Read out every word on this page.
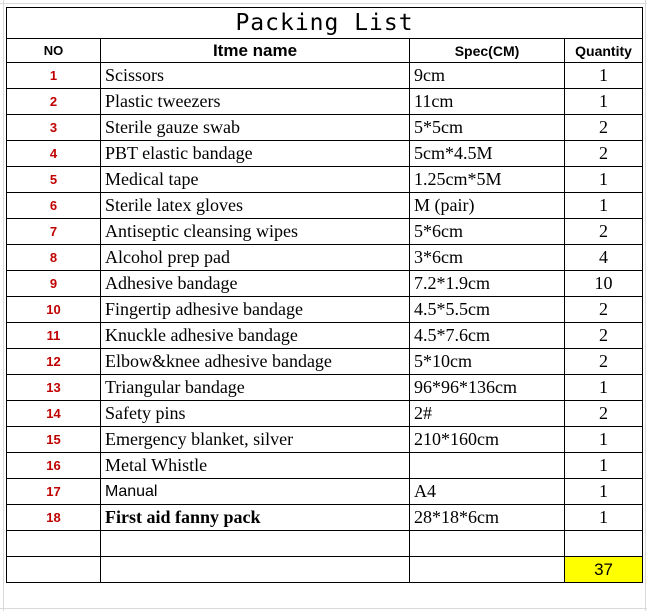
Packing List			
NO	Itme name	Spec(CM)	Quantity
1	Scissors	9cm	1
2	Plastic tweezers	11cm	1
3	Sterile gauze swab	5*5cm	2
4	PBT elastic bandage	5cm*4.5M	2
5	Medical tape	1.25cm*5M	1
6	Sterile latex gloves	M (pair)	1
7	Antiseptic cleansing wipes	5*6cm	2
8	Alcohol prep pad	3*6cm	4
9	Adhesive bandage	7.2*1.9cm	10
10	Fingertip adhesive bandage	4.5*5.5cm	2
11	Knuckle adhesive bandage	4.5*7.6cm	2
12	Elbow&knee adhesive bandage	5*10cm	2
13	Triangular bandage	96*96*136cm	1
14	Safety pins	2#	2
15	Emergency blanket, silver	210*160cm	1
16	Metal Whistle		1
17	Manual	A4	1
18	First aid fanny pack	28*18*6cm	1

			37
